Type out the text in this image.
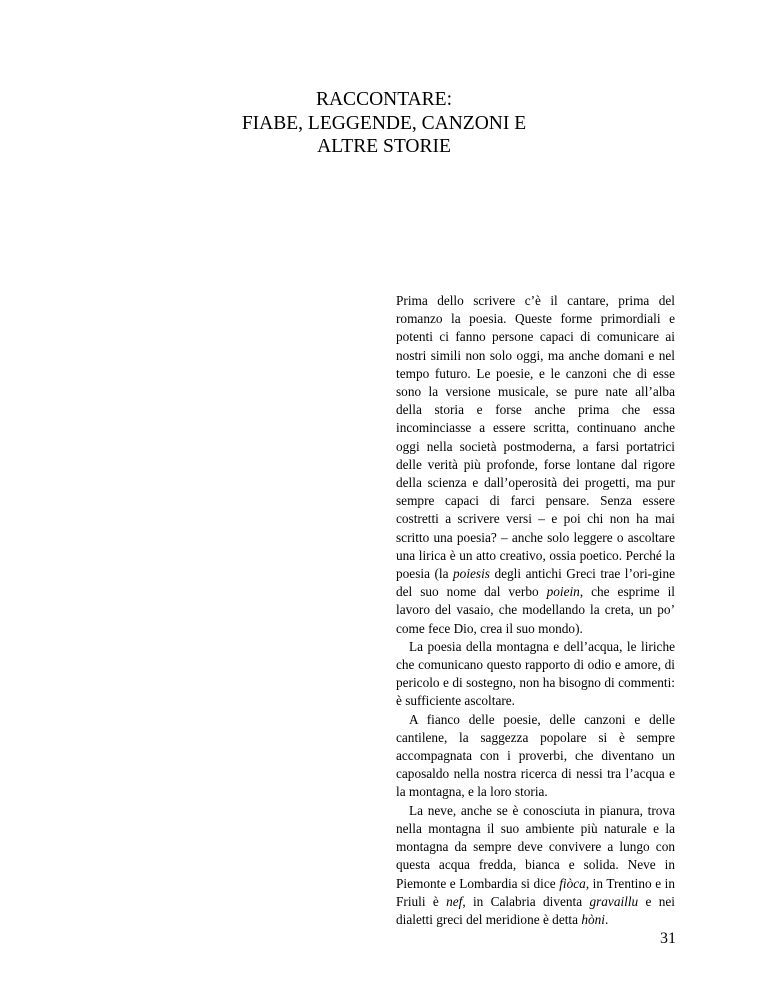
RACCONTARE:
FIABE, LEGGENDE, CANZONI E
ALTRE STORIE

Prima dello scrivere c’è il cantare, prima del romanzo la poesia. Queste forme primordiali e potenti ci fanno persone capaci di comunicare ai nostri simili non solo oggi, ma anche domani e nel tempo futuro. Le poesie, e le canzoni che di esse sono la versione musicale, se pure nate all’alba della storia e forse anche prima che essa incominciasse a essere scritta, continuano anche oggi nella società postmoderna, a farsi portatrici delle verità più profonde, forse lontane dal rigore della scienza e dall’operosità dei progetti, ma pur sempre capaci di farci pensare. Senza essere costretti a scrivere versi – e poi chi non ha mai scritto una poesia? – anche solo leggere o ascoltare una lirica è un atto creativo, ossia poetico. Perché la poesia (la poiesis degli antichi Greci trae l’ori-gine del suo nome dal verbo poiein, che esprime il lavoro del vasaio, che modellando la creta, un po’ come fece Dio, crea il suo mondo).

La poesia della montagna e dell’acqua, le liriche che comunicano questo rapporto di odio e amore, di pericolo e di sostegno, non ha bisogno di commenti: è sufficiente ascoltare.

A fianco delle poesie, delle canzoni e delle cantilene, la saggezza popolare si è sempre accompagnata con i proverbi, che diventano un caposaldo nella nostra ricerca di nessi tra l’acqua e la montagna, e la loro storia.

La neve, anche se è conosciuta in pianura, trova nella montagna il suo ambiente più naturale e la montagna da sempre deve convivere a lungo con questa acqua fredda, bianca e solida. Neve in Piemonte e Lombardia si dice fiòca, in Trentino e in Friuli è nef, in Calabria diventa gravaillu e nei dialetti greci del meridione è detta hòni.

31
